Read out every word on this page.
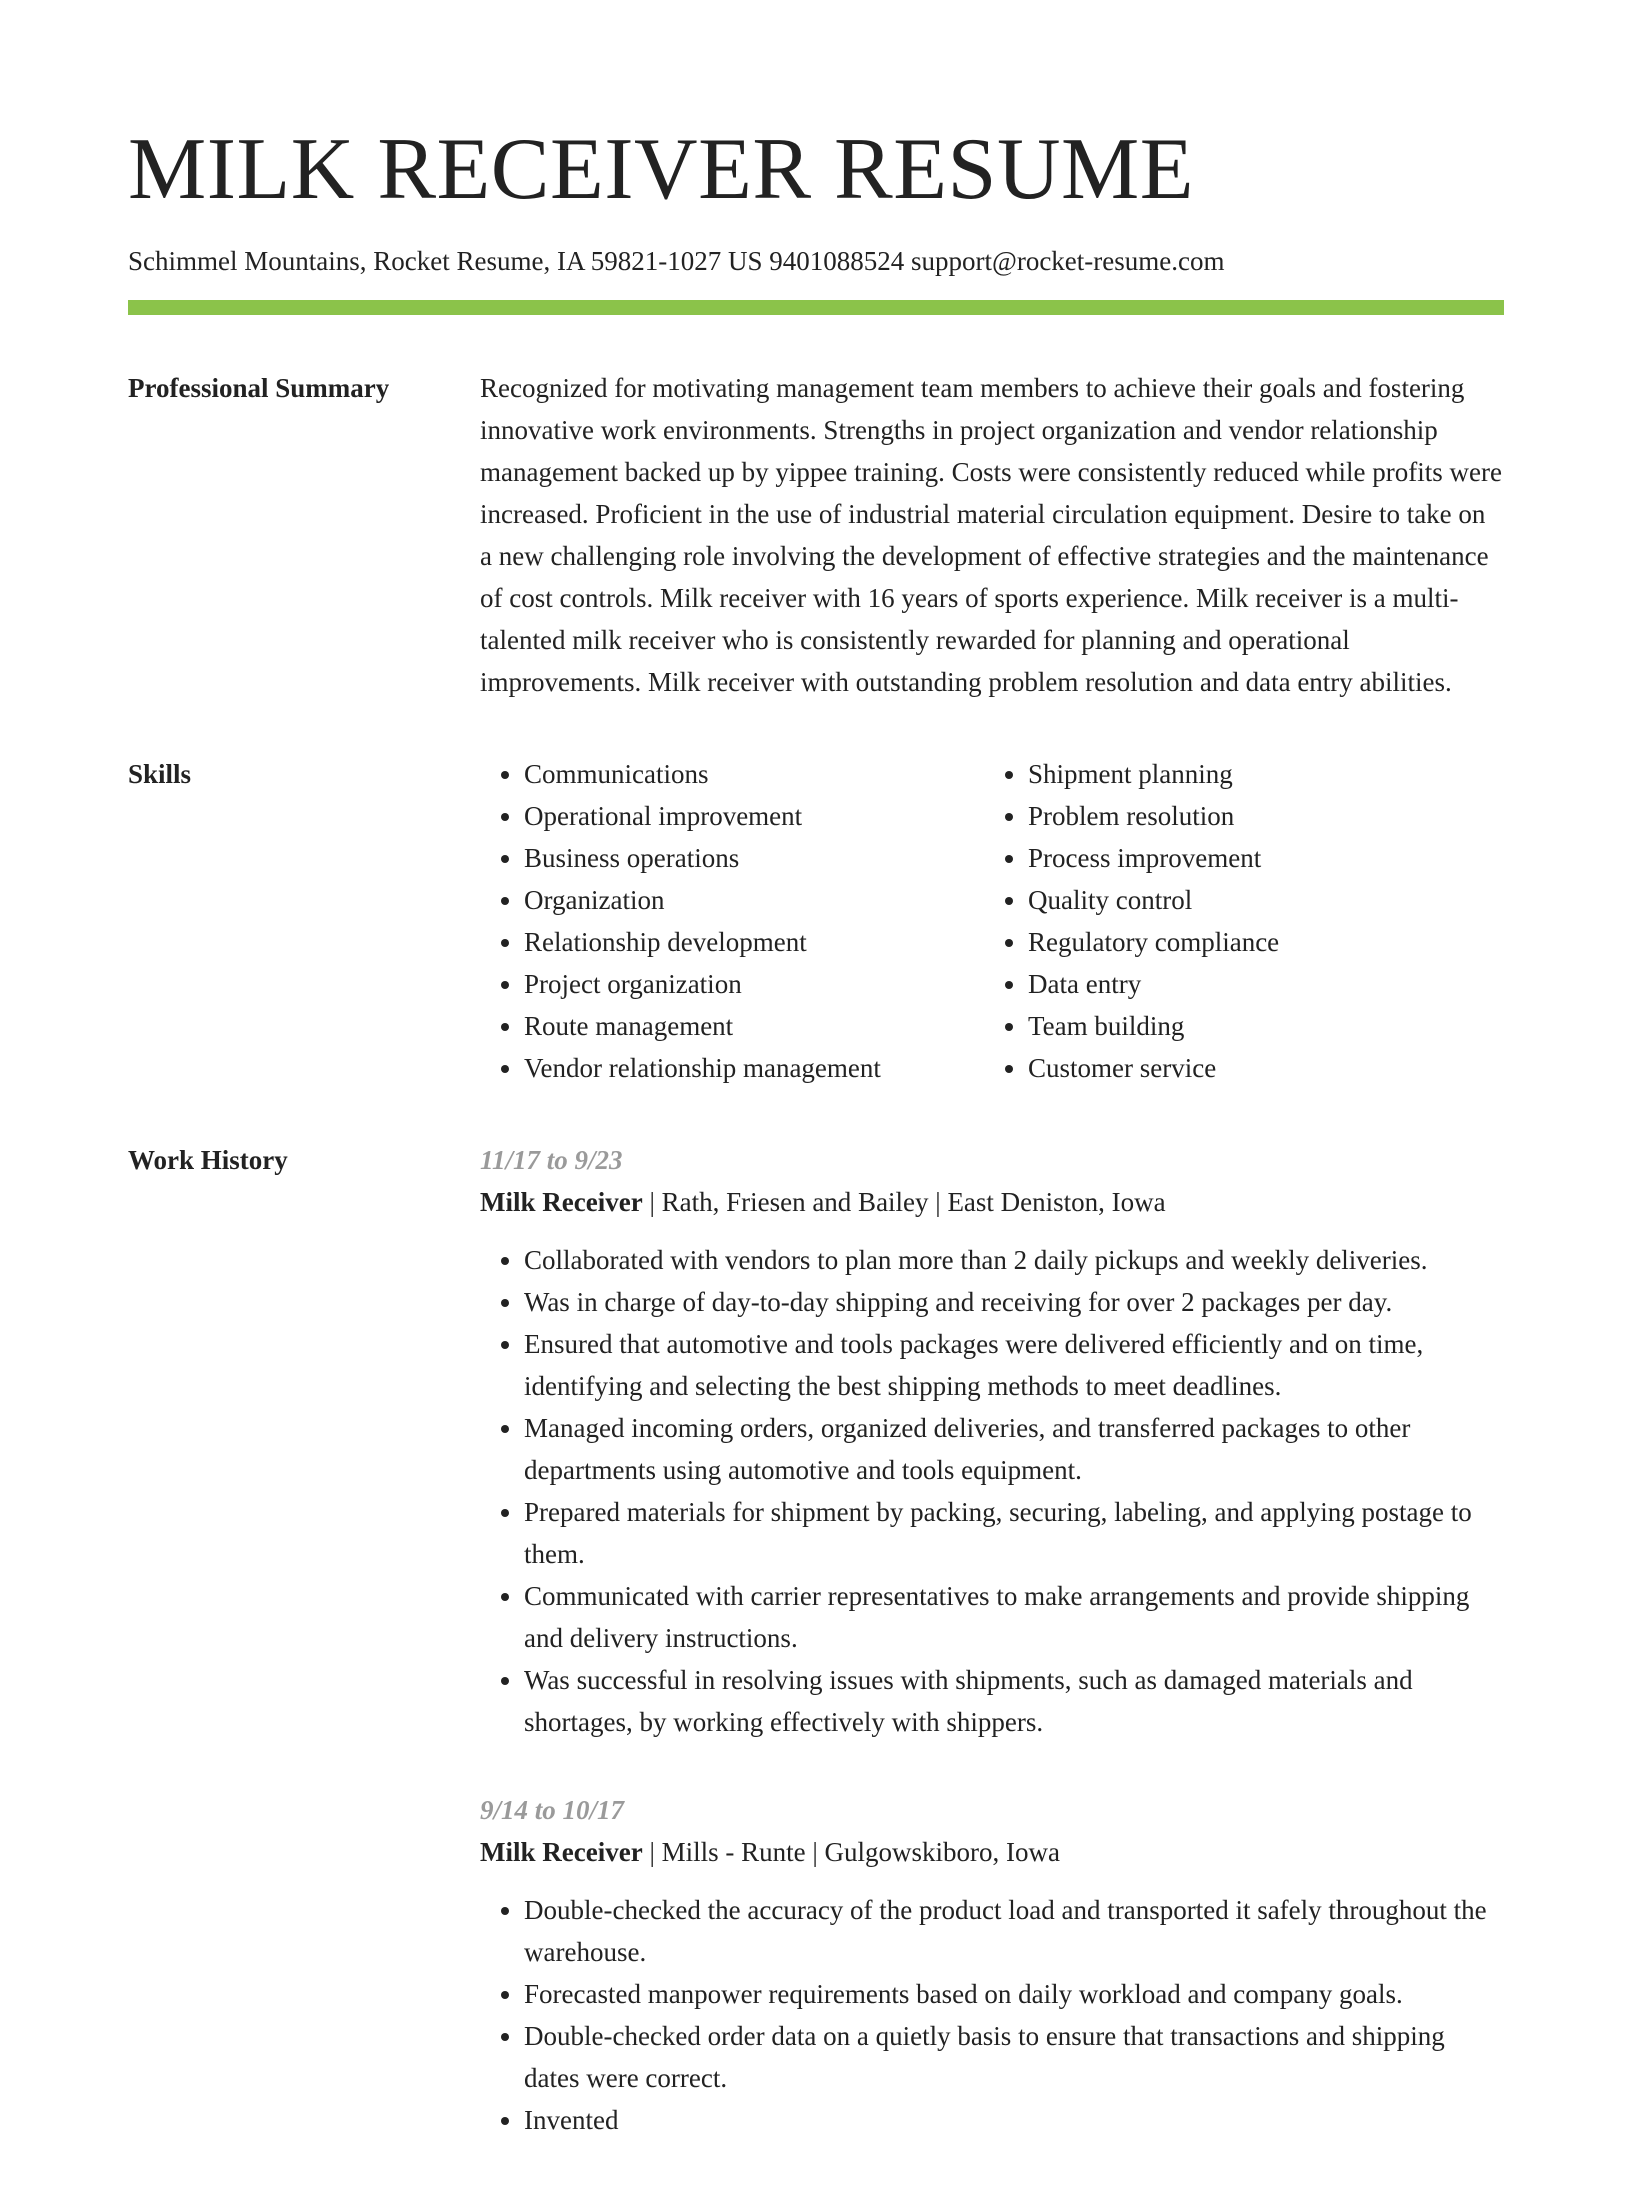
MILK RECEIVER RESUME
Schimmel Mountains, Rocket Resume, IA 59821-1027 US 9401088524 support@rocket-resume.com
Professional Summary	Recognized for motivating management team members to achieve their goals and fostering innovative work environments. Strengths in project organization and vendor relationship management backed up by yippee training. Costs were consistently reduced while profits were increased. Proficient in the use of industrial material circulation equipment. Desire to take on a new challenging role involving the development of effective strategies and the maintenance of cost controls. Milk receiver with 16 years of sports experience. Milk receiver is a multi-talented milk receiver who is consistently rewarded for planning and operational improvements. Milk receiver with outstanding problem resolution and data entry abilities.

Skills
•	Communications
• Operational improvement
• Business operations
• Organization
• Relationship development
• Project organization
• Route management
• Vendor relationship management
• Shipment planning
• Problem resolution
• Process improvement
• Quality control
• Regulatory compliance
• Data entry
• Team building
• Customer service
Work History	11/17 to 9/23
Milk Receiver | Rath, Friesen and Bailey | East Deniston, Iowa
• Collaborated with vendors to plan more than 2 daily pickups and weekly deliveries.
• Was in charge of day-to-day shipping and receiving for over 2 packages per day.
• Ensured that automotive and tools packages were delivered efficiently and on time, identifying and selecting the best shipping methods to meet deadlines.
• Managed incoming orders, organized deliveries, and transferred packages to other departments using automotive and tools equipment.
• Prepared materials for shipment by packing, securing, labeling, and applying postage to them.
• Communicated with carrier representatives to make arrangements and provide shipping and delivery instructions.
• Was successful in resolving issues with shipments, such as damaged materials and shortages, by working effectively with shippers.
9/14 to 10/17
Milk Receiver | Mills - Runte | Gulgowskiboro, Iowa
• Double-checked the accuracy of the product load and transported it safely throughout the warehouse.
• Forecasted manpower requirements based on daily workload and company goals.
• Double-checked order data on a quietly basis to ensure that transactions and shipping dates were correct.
• Invented
